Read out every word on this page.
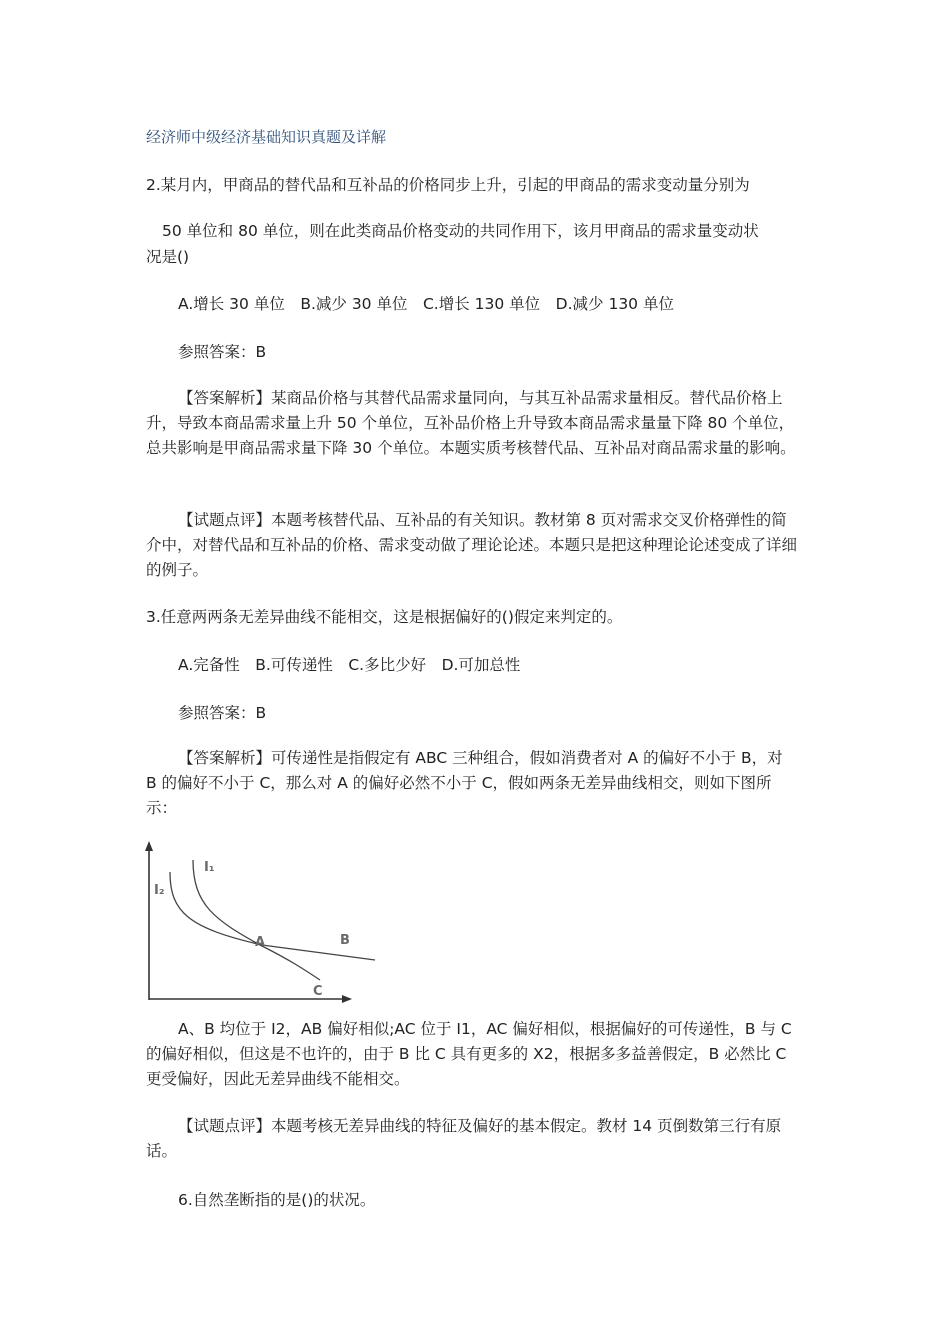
经济师中级经济基础知识真题及详解
2.某月内，甲商品的替代品和互补品的价格同步上升，引起的甲商品的需求变动量分别为
50 单位和 80 单位，则在此类商品价格变动的共同作用下，该月甲商品的需求量变动状
况是()
A.增长 30 单位　B.减少 30 单位　C.增长 130 单位　D.减少 130 单位
参照答案：B
【答案解析】某商品价格与其替代品需求量同向，与其互补品需求量相反。替代品价格上升，导致本商品需求量上升 50 个单位，互补品价格上升导致本商品需求量量下降 80 个单位，总共影响是甲商品需求量下降 30 个单位。本题实质考核替代品、互补品对商品需求量的影响。
【试题点评】本题考核替代品、互补品的有关知识。教材第 8 页对需求交叉价格弹性的简介中，对替代品和互补品的价格、需求变动做了理论论述。本题只是把这种理论论述变成了详细的例子。
3.任意两两条无差异曲线不能相交，这是根据偏好的()假定来判定的。
A.完备性　B.可传递性　C.多比少好　D.可加总性
参照答案：B
【答案解析】可传递性是指假定有 ABC 三种组合，假如消费者对 A 的偏好不小于 B，对 B 的偏好不小于 C，那么对 A 的偏好必然不小于 C，假如两条无差异曲线相交，则如下图所示：
I₁
I₂
A	B
C
A、B 均位于 I2，AB 偏好相似;AC 位于 I1，AC 偏好相似，根据偏好的可传递性，B 与 C 的偏好相似，但这是不也许的，由于 B 比 C 具有更多的 X2，根据多多益善假定，B 必然比 C 更受偏好，因此无差异曲线不能相交。
【试题点评】本题考核无差异曲线的特征及偏好的基本假定。教材 14 页倒数第三行有原话。
6.自然垄断指的是()的状况。
